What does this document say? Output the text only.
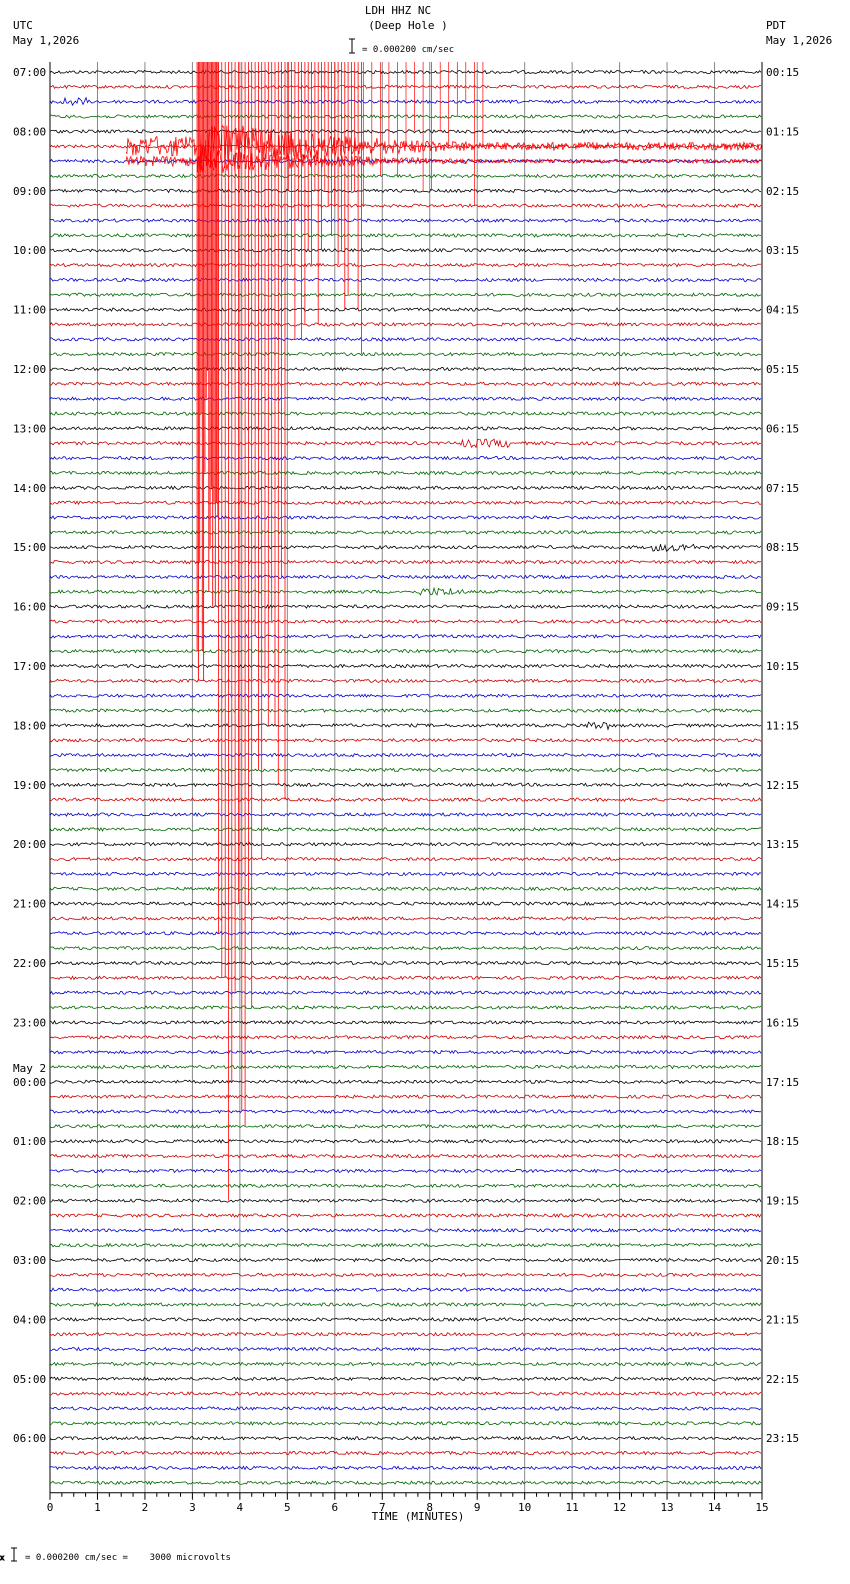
LDH HHZ NC
(Deep Hole )
= 0.000200 cm/sec
UTC
May 1,2026
PDT
May 1,2026
07:00
08:00
09:00
10:00
11:00
12:00
13:00
14:00
15:00
16:00
17:00
18:00
19:00
20:00
21:00
22:00
23:00
00:00
01:00
02:00
03:00
04:00
05:00
06:00
00:15
01:15
02:15
03:15
04:15
05:15
06:15
07:15
08:15
09:15
10:15
11:15
12:15
13:15
14:15
15:15
16:15
17:15
18:15
19:15
20:15
21:15
22:15
23:15
May 2
0	1	2	3	4	5	6	7	8	9	10	11	12	13	14	15
TIME (MINUTES)
x = 0.000200 cm/sec =    3000 microvolts
